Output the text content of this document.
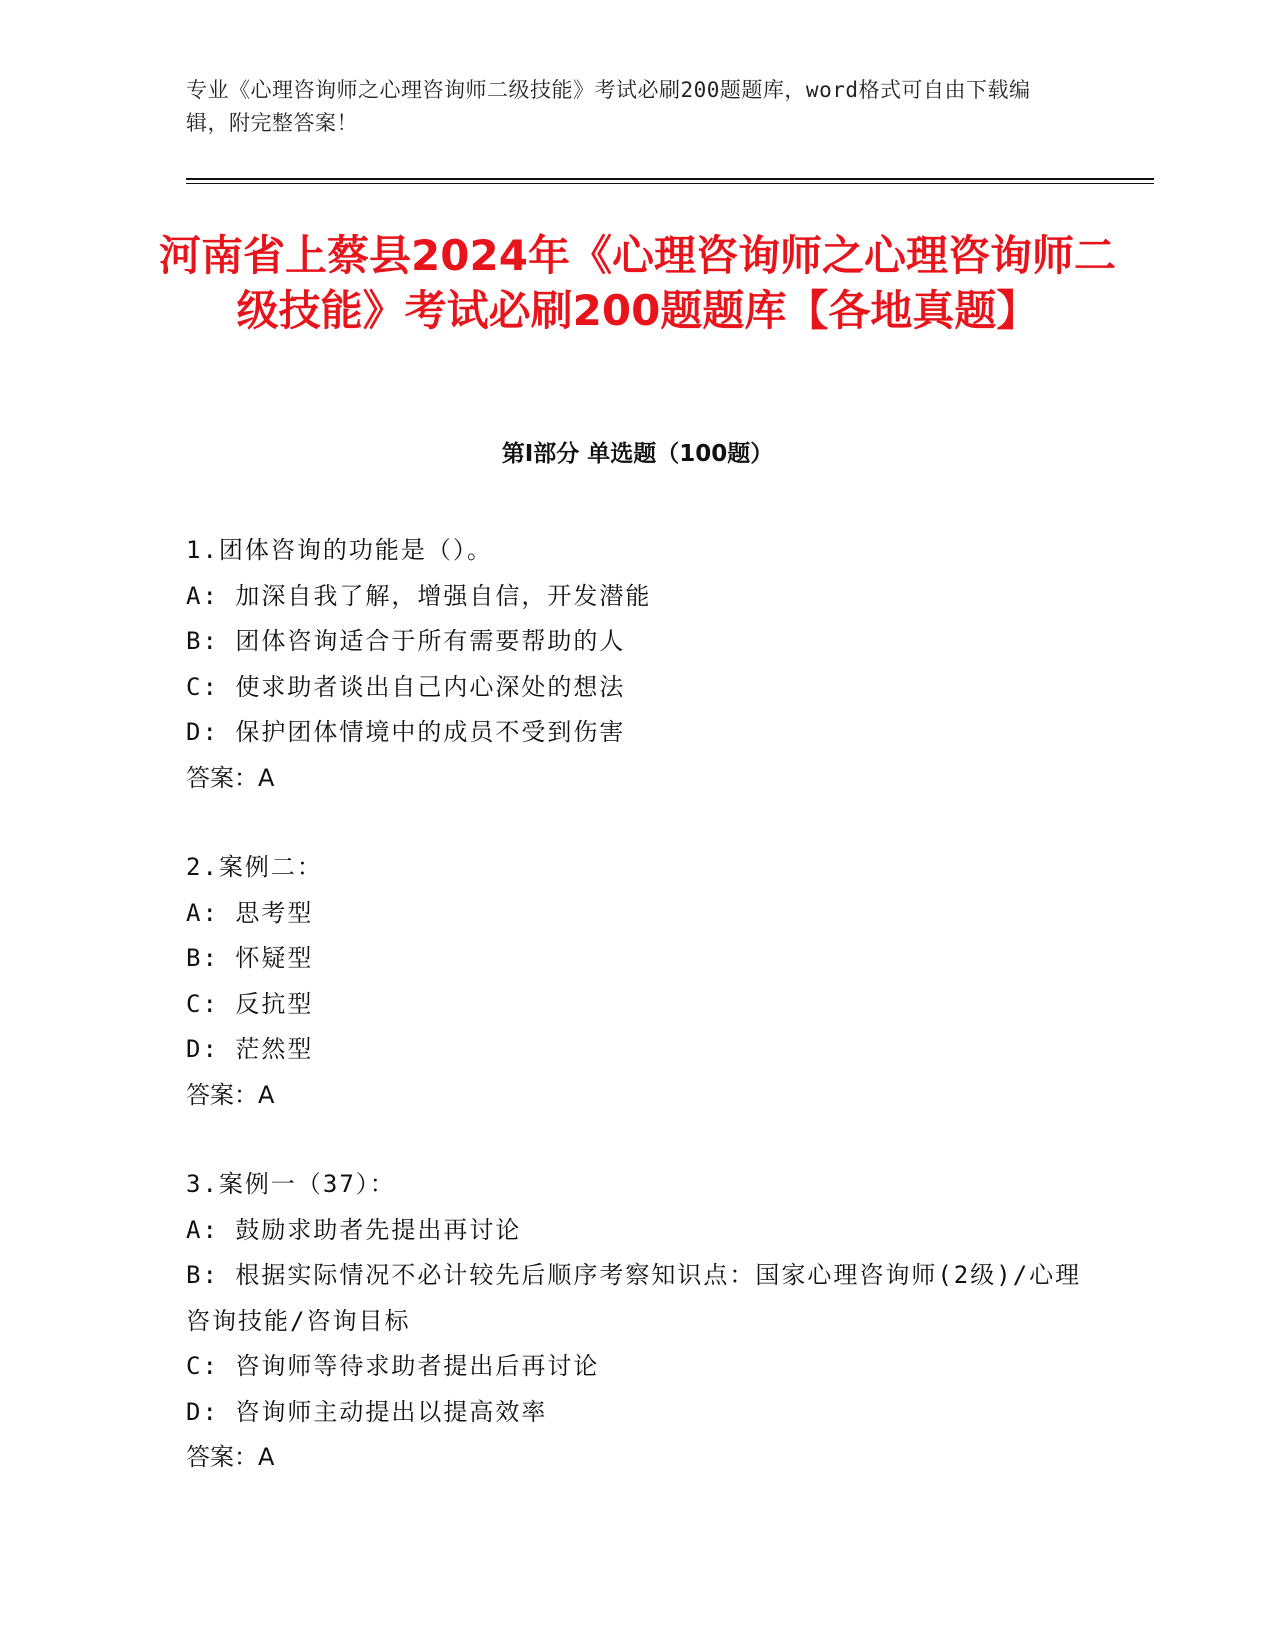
专业《心理咨询师之心理咨询师二级技能》考试必刷200题题库，word格式可自由下载编辑，附完整答案！
河南省上蔡县2024年《心理咨询师之心理咨询师二级技能》考试必刷200题题库【各地真题】
第Ⅰ部分 单选题（100题）
1.团体咨询的功能是（）。
A: 加深自我了解，增强自信，开发潜能
B: 团体咨询适合于所有需要帮助的人
C: 使求助者谈出自己内心深处的想法
D: 保护团体情境中的成员不受到伤害
答案：A
2.案例二：
A: 思考型
B: 怀疑型
C: 反抗型
D: 茫然型
答案：A
3.案例一（37）：
A: 鼓励求助者先提出再讨论
B: 根据实际情况不必计较先后顺序考察知识点：国家心理咨询师(2级)/心理咨询技能/咨询目标
C: 咨询师等待求助者提出后再讨论
D: 咨询师主动提出以提高效率
答案：A
